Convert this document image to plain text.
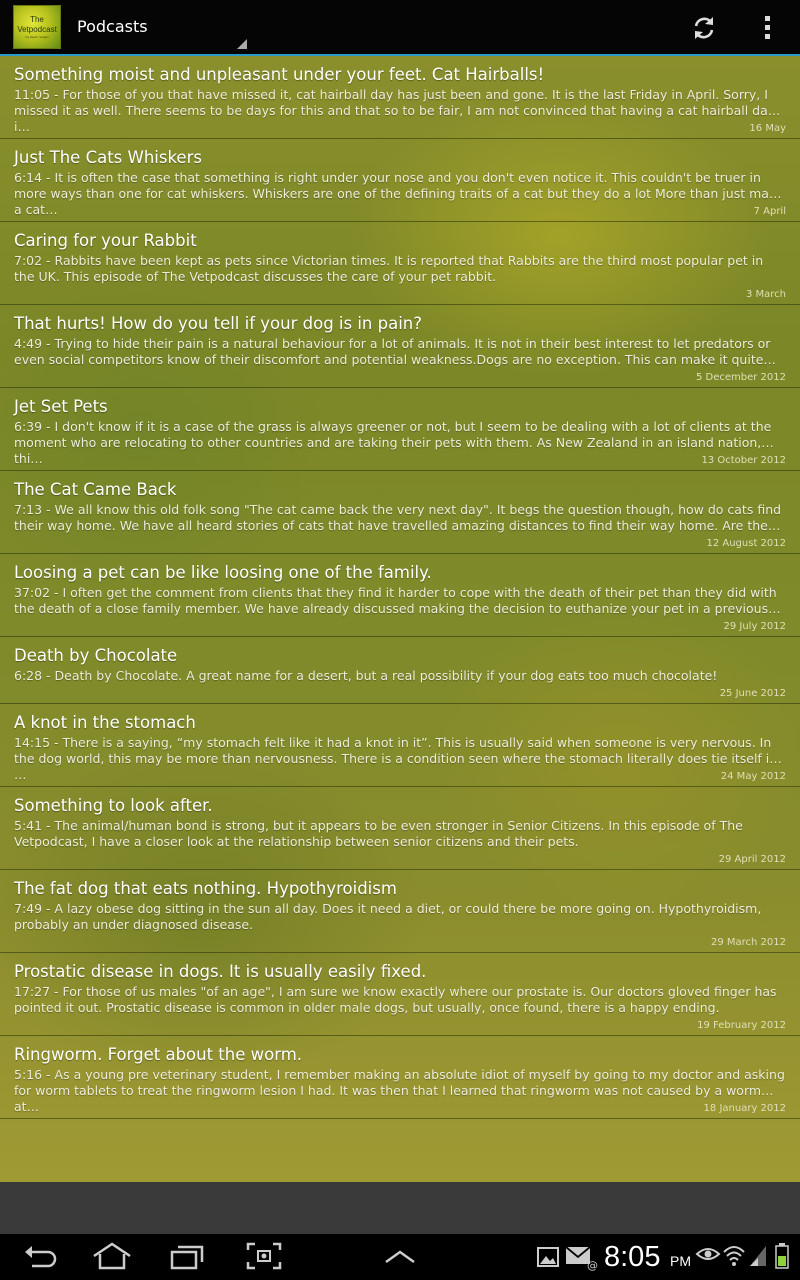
The
Vetpodcast
by Kevin Vogan
Podcasts
Something moist and unpleasant under your feet. Cat Hairballs!
11:05 - For those of you that have missed it, cat hairball day has just been and gone. It is the last Friday in April. Sorry, I missed it as well. There seems to be days for this and that so to be fair, I am not convinced that having a cat hairball day i…	16 May
Just The Cats Whiskers
6:14 - It is often the case that something is right under your nose and you don't even notice it. This couldn't be truer in more ways than one for cat whiskers. Whiskers are one of the defining traits of a cat but they do a lot More than just make a cat…	7 April
Caring for your Rabbit
7:02 - Rabbits have been kept as pets since Victorian times. It is reported that Rabbits are the third most popular pet in the UK. This episode of The Vetpodcast discusses the care of your pet rabbit.
3 March
That hurts! How do you tell if your dog is in pain?
4:49 - Trying to hide their pain is a natural behaviour for a lot of animals. It is not in their best interest to let predators or even social competitors know of their discomfort and potential weakness.Dogs are no exception. This can make it quite…
5 December 2012
Jet Set Pets
6:39 - I don't know if it is a case of the grass is always greener or not, but I seem to be dealing with a lot of clients at the moment who are relocating to other countries and are taking their pets with them. As New Zealand in an island nation, thi…	13 October 2012
The Cat Came Back
7:13 - We all know this old folk song "The cat came back the very next day". It begs the question though, how do cats find their way home. We have all heard stories of cats that have travelled amazing distances to find their way home. Are the…
12 August 2012
Loosing a pet can be like loosing one of the family.
37:02 - I often get the comment from clients that they find it harder to cope with the death of their pet than they did with the death of a close family member. We have already discussed making the decision to euthanize your pet in a previous…
29 July 2012
Death by Chocolate
6:28 - Death by Chocolate. A great name for a desert, but a real possibility if your dog eats too much chocolate!
25 June 2012
A knot in the stomach
14:15 - There is a saying, “my stomach felt like it had a knot in it”. This is usually said when someone is very nervous. In the dog world, this may be more than nervousness. There is a condition seen where the stomach literally does tie itself in …	24 May 2012
Something to look after.
5:41 - The animal/human bond is strong, but it appears to be even stronger in Senior Citizens. In this episode of The Vetpodcast, I have a closer look at the relationship between senior citizens and their pets.
29 April 2012
The fat dog that eats nothing. Hypothyroidism
7:49 - A lazy obese dog sitting in the sun all day. Does it need a diet, or could there be more going on. Hypothyroidism, probably an under diagnosed disease.
29 March 2012
Prostatic disease in dogs. It is usually easily fixed.
17:27 - For those of us males "of an age", I am sure we know exactly where our prostate is. Our doctors gloved finger has pointed it out. Prostatic disease is common in older male dogs, but usually, once found, there is a happy ending.
19 February 2012
Ringworm. Forget about the worm.
5:16 - As a young pre veterinary student, I remember making an absolute idiot of myself by going to my doctor and asking for worm tablets to treat the ringworm lesion I had. It was then that I learned that ringworm was not caused by a worm at…	18 January 2012
@ 8:05 PM
